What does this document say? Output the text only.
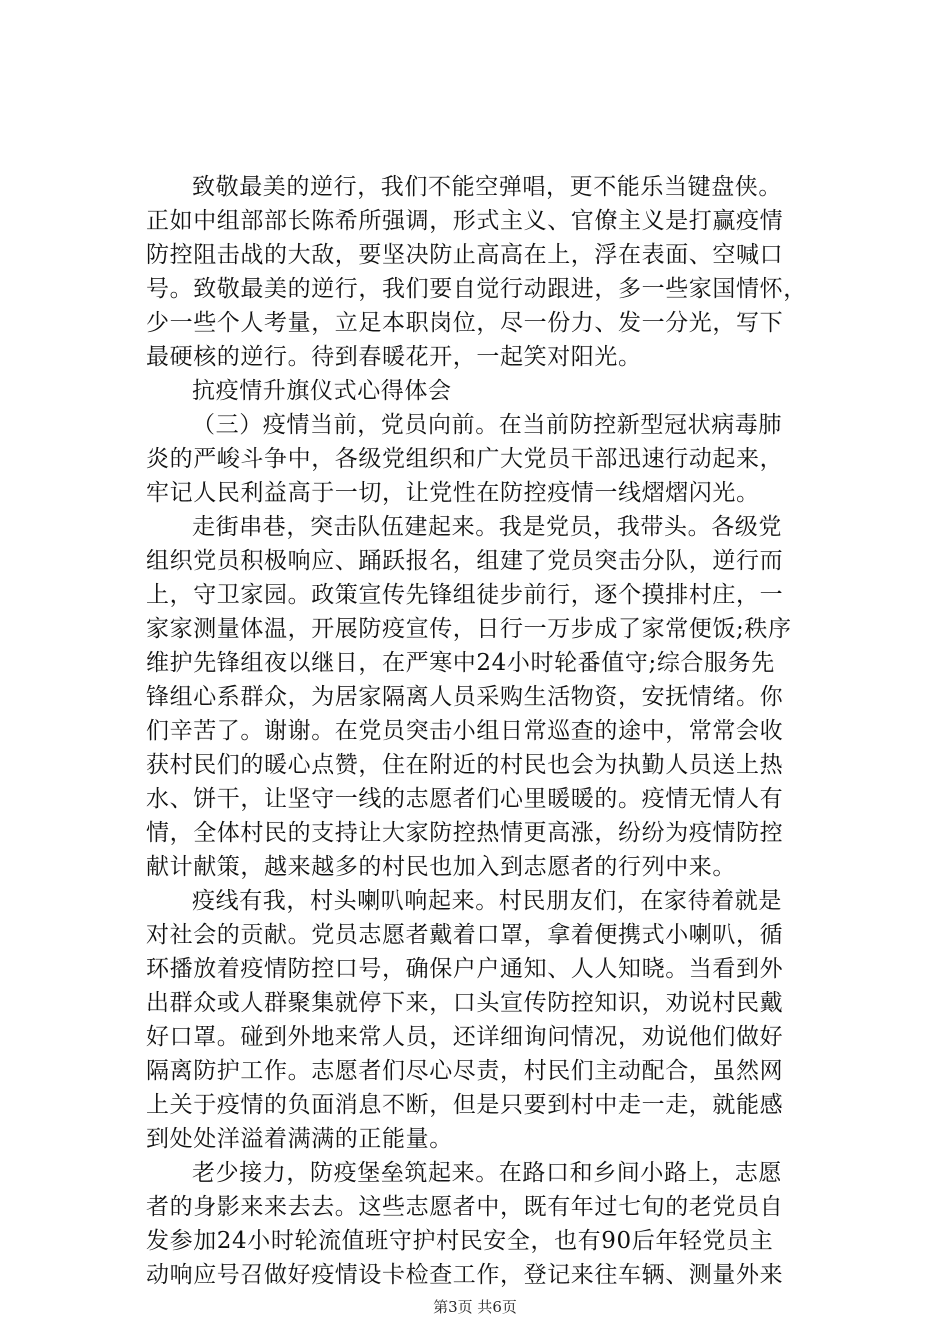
致敬最美的逆行，我们不能空弹唱，更不能乐当键盘侠。
正如中组部部长陈希所强调，形式主义、官僚主义是打赢疫情
防控阻击战的大敌，要坚决防止高高在上，浮在表面、空喊口
号。致敬最美的逆行，我们要自觉行动跟进，多一些家国情怀，
少一些个人考量，立足本职岗位，尽一份力、发一分光，写下
最硬核的逆行。待到春暖花开，一起笑对阳光。
抗疫情升旗仪式心得体会
（三）疫情当前，党员向前。在当前防控新型冠状病毒肺
炎的严峻斗争中，各级党组织和广大党员干部迅速行动起来，
牢记人民利益高于一切，让党性在防控疫情一线熠熠闪光。
走街串巷，突击队伍建起来。我是党员，我带头。各级党
组织党员积极响应、踊跃报名，组建了党员突击分队，逆行而
上，守卫家园。政策宣传先锋组徒步前行，逐个摸排村庄，一
家家测量体温，开展防疫宣传，日行一万步成了家常便饭;秩序
维护先锋组夜以继日，在严寒中24小时轮番值守;综合服务先
锋组心系群众，为居家隔离人员采购生活物资，安抚情绪。你
们辛苦了。谢谢。在党员突击小组日常巡查的途中，常常会收
获村民们的暖心点赞，住在附近的村民也会为执勤人员送上热
水、饼干，让坚守一线的志愿者们心里暖暖的。疫情无情人有
情，全体村民的支持让大家防控热情更高涨，纷纷为疫情防控
献计献策，越来越多的村民也加入到志愿者的行列中来。
疫线有我，村头喇叭响起来。村民朋友们，在家待着就是
对社会的贡献。党员志愿者戴着口罩，拿着便携式小喇叭，循
环播放着疫情防控口号，确保户户通知、人人知晓。当看到外
出群众或人群聚集就停下来，口头宣传防控知识，劝说村民戴
好口罩。碰到外地来常人员，还详细询问情况，劝说他们做好
隔离防护工作。志愿者们尽心尽责，村民们主动配合，虽然网
上关于疫情的负面消息不断，但是只要到村中走一走，就能感
到处处洋溢着满满的正能量。
老少接力，防疫堡垒筑起来。在路口和乡间小路上，志愿
者的身影来来去去。这些志愿者中，既有年过七旬的老党员自
发参加24小时轮流值班守护村民安全，也有90后年轻党员主
动响应号召做好疫情设卡检查工作，登记来往车辆、测量外来
第3页 共6页
